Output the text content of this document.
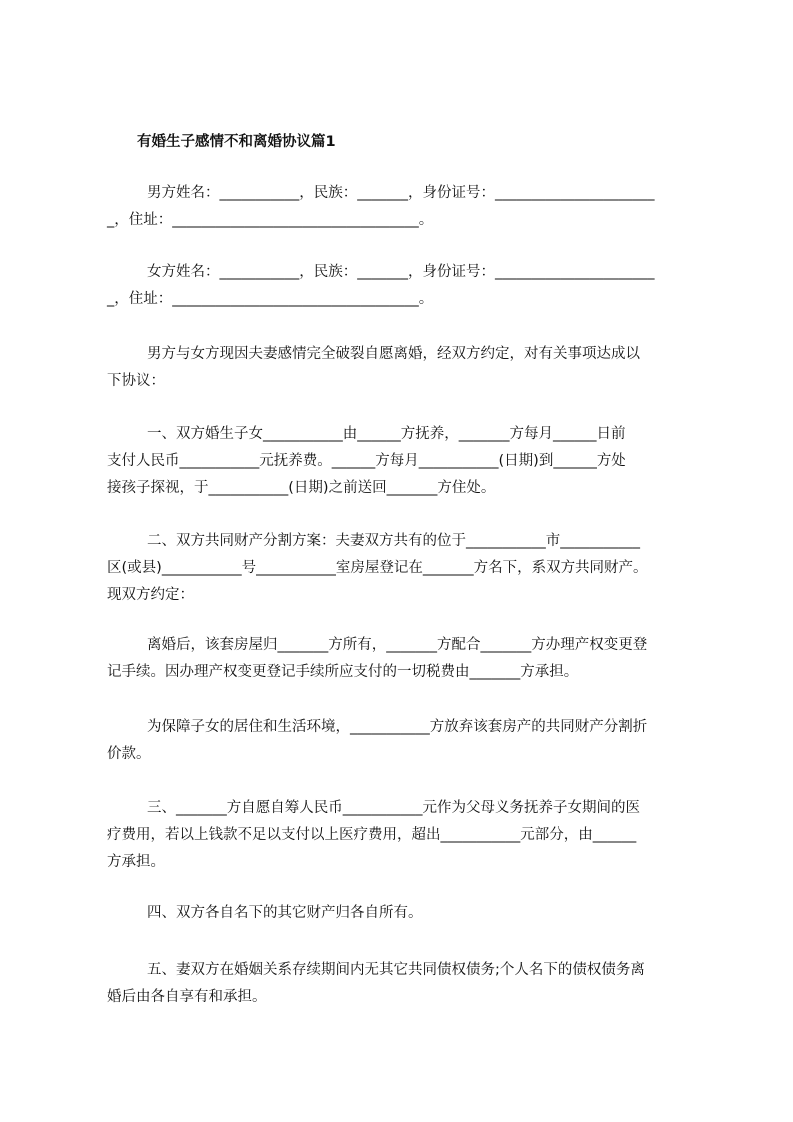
有婚生子感情不和离婚协议篇1
男方姓名：___________，民族：_______，身份证号：______________________
_，住址：__________________________________。
女方姓名：___________，民族：_______，身份证号：______________________
_，住址：__________________________________。
男方与女方现因夫妻感情完全破裂自愿离婚，经双方约定，对有关事项达成以
下协议：
一、双方婚生子女___________由______方抚养，_______方每月______日前
支付人民币___________元抚养费。______方每月___________(日期)到______方处
接孩子探视，于___________(日期)之前送回_______方住处。
二、双方共同财产分割方案：夫妻双方共有的位于___________市___________
区(或县)___________号___________室房屋登记在_______方名下，系双方共同财产。
现双方约定：
离婚后，该套房屋归_______方所有，_______方配合_______方办理产权变更登
记手续。因办理产权变更登记手续所应支付的一切税费由_______方承担。
为保障子女的居住和生活环境，___________方放弃该套房产的共同财产分割折
价款。
三、_______方自愿自筹人民币___________元作为父母义务抚养子女期间的医
疗费用，若以上钱款不足以支付以上医疗费用，超出___________元部分，由______
方承担。
四、双方各自名下的其它财产归各自所有。
五、妻双方在婚姻关系存续期间内无其它共同债权债务;个人名下的债权债务离
婚后由各自享有和承担。
